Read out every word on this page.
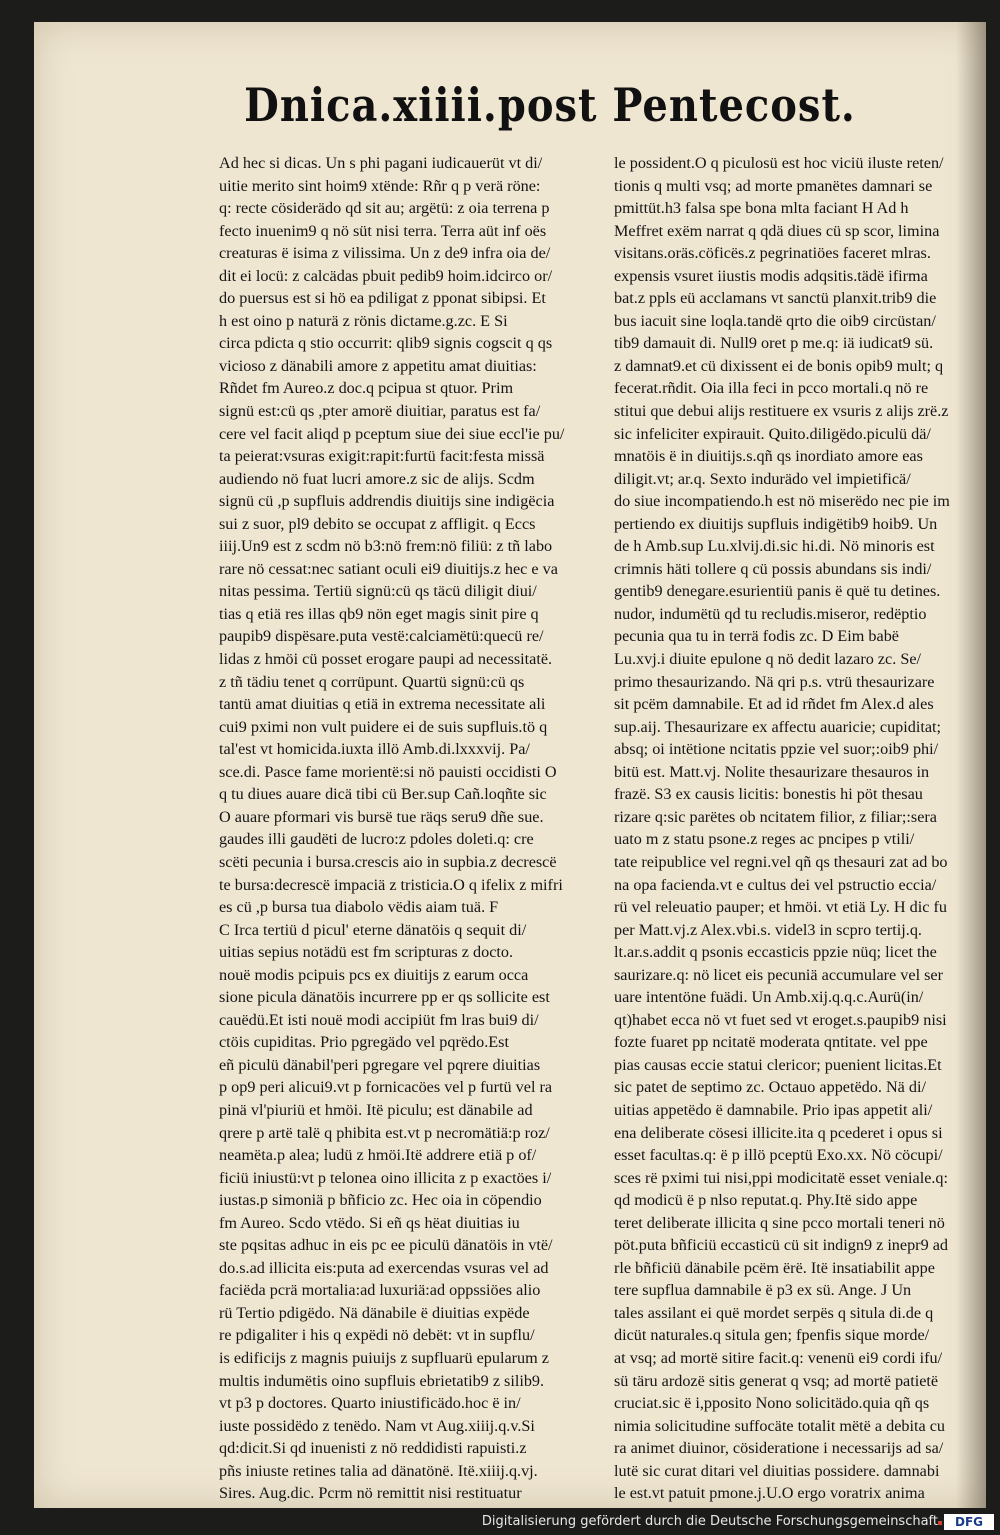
Dnica.xiiii.post Pentecost.
Ad hec si dicas. Un s phi pagani iudicauerüt vt di/
uitie merito sint hoim9 xtënde: Rñr q p verä röne:
q: recte cösiderädo qd sit au; argëtü: z oia terrena p
fecto inuenim9 q nö süt nisi terra. Terra aüt inf oës
creaturas ë isima z vilissima. Un z de9 infra oia de/
dit ei locü: z calcädas pbuit pedib9 hoim.idcirco or/
do puersus est si hö ea pdiligat z pponat sibipsi. Et
h est oino p naturä z rönis dictame.g.zc. E Si
circa pdicta q stio occurrit: qlib9 signis cogscit q qs
vicioso z dänabili amore z appetitu amat diuitias:
Rñdet fm Aureo.z doc.q pcipua st qtuor. Prim
signü est:cü qs ,pter amorë diuitiar, paratus est fa/
cere vel facit aliqd p pceptum siue dei siue eccl'ie pu/
ta peierat:vsuras exigit:rapit:furtü facit:festa missä
audiendo nö fuat lucri amore.z sic de alijs. Scdm
signü cü ,p supfluis addrendis diuitijs sine indigëcia
sui z suor, pl9 debito se occupat z affligit. q Eccs
iiij.Un9 est z scdm nö b3:nö frem:nö filiü: z tñ labo
rare nö cessat:nec satiant oculi ei9 diuitijs.z hec e va
nitas pessima. Tertiü signü:cü qs täcü diligit diui/
tias q etiä res illas qb9 nön eget magis sinit pire q
paupib9 dispësare.puta vestë:calciamëtü:quecü re/
lidas z hmöi cü posset erogare paupi ad necessitatë.
z tñ tädiu tenet q corrüpunt. Quartü signü:cü qs
tantü amat diuitias q etiä in extrema necessitate ali
cui9 pximi non vult puidere ei de suis supfluis.tö q
tal'est vt homicida.iuxta illö Amb.di.lxxxvij. Pa/
sce.di. Pasce fame morientë:si nö pauisti occidisti O
q tu diues auare dicä tibi cü Ber.sup Cañ.loqñte sic
O auare pformari vis bursë tue räqs seru9 dñe sue.
gaudes illi gaudëti de lucro:z pdoles doleti.q: cre
scëti pecunia i bursa.crescis aio in supbia.z decrescë
te bursa:decrescë impaciä z tristicia.O q ifelix z mifri
es cü ,p bursa tua diabolo vëdis aiam tuä. F
C Irca tertiü d picul' eterne dänatöis q sequit di/
uitias sepius notädü est fm scripturas z docto.
nouë modis pcipuis pcs ex diuitijs z earum occa
sione picula dänatöis incurrere pp er qs sollicite est
cauëdü.Et isti nouë modi accipiüt fm lras bui9 di/
ctöis cupiditas. Prio pgregädo vel pqrëdo.Est
eñ piculü dänabil'peri pgregare vel pqrere diuitias
p op9 peri alicui9.vt p fornicacöes vel p furtü vel ra
pinä vl'piuriü et hmöi. Itë piculu; est dänabile ad
qrere p artë talë q phibita est.vt p necromätiä:p roz/
neamëta.p alea; ludü z hmöi.Itë addrere etiä p of/
ficiü iniustü:vt p telonea oino illicita z p exactöes i/
iustas.p simoniä p bñficio zc. Hec oia in cöpendio
fm Aureo. Scdo vtëdo. Si eñ qs hëat diuitias iu
ste pqsitas adhuc in eis pc ee piculü dänatöis in vtë/
do.s.ad illicita eis:puta ad exercendas vsuras vel ad
faciëda pcrä mortalia:ad luxuriä:ad oppssiöes alio
rü Tertio pdigëdo. Nä dänabile ë diuitias expëde
re pdigaliter i his q expëdi nö debët: vt in supflu/
is edificijs z magnis puiuijs z supfluarü epularum z
multis indumëtis oino supfluis ebrietatib9 z silib9.
vt p3 p doctores. Quarto iniustificädo.hoc ë in/
iuste possidëdo z tenëdo. Nam vt Aug.xiiij.q.v.Si
qd:dicit.Si qd inuenisti z nö reddidisti rapuisti.z
pñs iniuste retines talia ad dänatönë. Itë.xiiij.q.vj.
Sires. Aug.dic. Pcrm nö remittit nisi restituatur
le possident.O q piculosü est hoc viciü iluste reten/
tionis q multi vsq; ad morte pmanëtes damnari se
pmittüt.h3 falsa spe bona mlta faciant H Ad h
Meffret exëm narrat q qdä diues cü sp scor, limina
visitans.oräs.cöficës.z pegrinatiöes faceret mlras.
expensis vsuret iiustis modis adqsitis.tädë ifirma
bat.z ppls eü acclamans vt sanctü planxit.trib9 die
bus iacuit sine loqla.tandë qrto die oib9 circüstan/
tib9 damauit di. Null9 oret p me.q: iä iudicat9 sü.
z damnat9.et cü dixissent ei de bonis opib9 mult; q
fecerat.rñdit. Oia illa feci in pcco mortali.q nö re
stitui que debui alijs restituere ex vsuris z alijs zrë.z
sic infeliciter expirauit. Quito.diligëdo.piculü dä/
mnatöis ë in diuitijs.s.qñ qs inordiato amore eas
diligit.vt; ar.q. Sexto indurädo vel impietificä/
do siue incompatiendo.h est nö miserëdo nec pie im
pertiendo ex diuitijs supfluis indigëtib9 hoib9. Un
de h Amb.sup Lu.xlvij.di.sic hi.di. Nö minoris est
crimnis häti tollere q cü possis abundans sis indi/
gentib9 denegare.esurientiü panis ë quë tu detines.
nudor, indumëtü qd tu recludis.miseror, redëptio
pecunia qua tu in terrä fodis zc. D Eim babë
Lu.xvj.i diuite epulone q nö dedit lazaro zc. Se/
primo thesaurizando. Nä qri p.s. vtrü thesaurizare
sit pcëm damnabile. Et ad id rñdet fm Alex.d ales
sup.aij. Thesaurizare ex affectu auaricie; cupiditat;
absq; oi intëtione ncitatis ppzie vel suor;:oib9 phi/
bitü est. Matt.vj. Nolite thesaurizare thesauros in
frazë. S3 ex causis licitis: bonestis hi pöt thesau
rizare q:sic parëtes ob ncitatem filior, z filiar;:sera
uato m z statu psone.z reges ac pncipes p vtili/
tate reipublice vel regni.vel qñ qs thesauri zat ad bo
na opa facienda.vt e cultus dei vel pstructio eccia/
rü vel releuatio pauper; et hmöi. vt etiä Ly. H dic fu
per Matt.vj.z Alex.vbi.s. videl3 in scpro tertij.q.
lt.ar.s.addit q psonis eccasticis ppzie nüq; licet the
saurizare.q: nö licet eis pecuniä accumulare vel ser
uare intentöne fuädi. Un Amb.xij.q.q.c.Aurü(in/
qt)habet ecca nö vt fuet sed vt eroget.s.paupib9 nisi
fozte fuaret pp ncitatë moderata qntitate. vel ppe
pias causas eccie statui clericor; puenient licitas.Et
sic patet de septimo zc. Octauo appetëdo. Nä di/
uitias appetëdo ë damnabile. Prio ipas appetit ali/
ena deliberate cösesi illicite.ita q pcederet i opus si
esset facultas.q: ë p illö pceptü Exo.xx. Nö cöcupi/
sces rë pximi tui nisi,ppi modicitatë esset veniale.q:
qd modicü ë p nlso reputat.q. Phy.Itë sido appe
teret deliberate illicita q sine pcco mortali teneri nö
pöt.puta bñficiü eccasticü cü sit indign9 z inepr9 ad
rle bñficiü dänabile pcëm ërë. Itë insatiabilit appe
tere supflua damnabile ë p3 ex sü. Ange. J Un
tales assilant ei quë mordet serpës q situla di.de q
dicüt naturales.q situla gen; fpenfis sique morde/
at vsq; ad mortë sitire facit.q: venenü ei9 cordi ifu/
sü täru ardozë sitis generat q vsq; ad mortë patietë
cruciat.sic ë i,pposito Nono solicitädo.quia qñ qs
nimia solicitudine suffocäte totalit mëtë a debita cu
ra animet diuinor, cösideratione i necessarijs ad sa/
lutë sic curat ditari vel diuitias possidere. damnabi
le est.vt patuit pmone.j.U.O ergo voratrix anima
Digitalisierung gefördert durch die Deutsche Forschungsgemeinschaft	DFG
